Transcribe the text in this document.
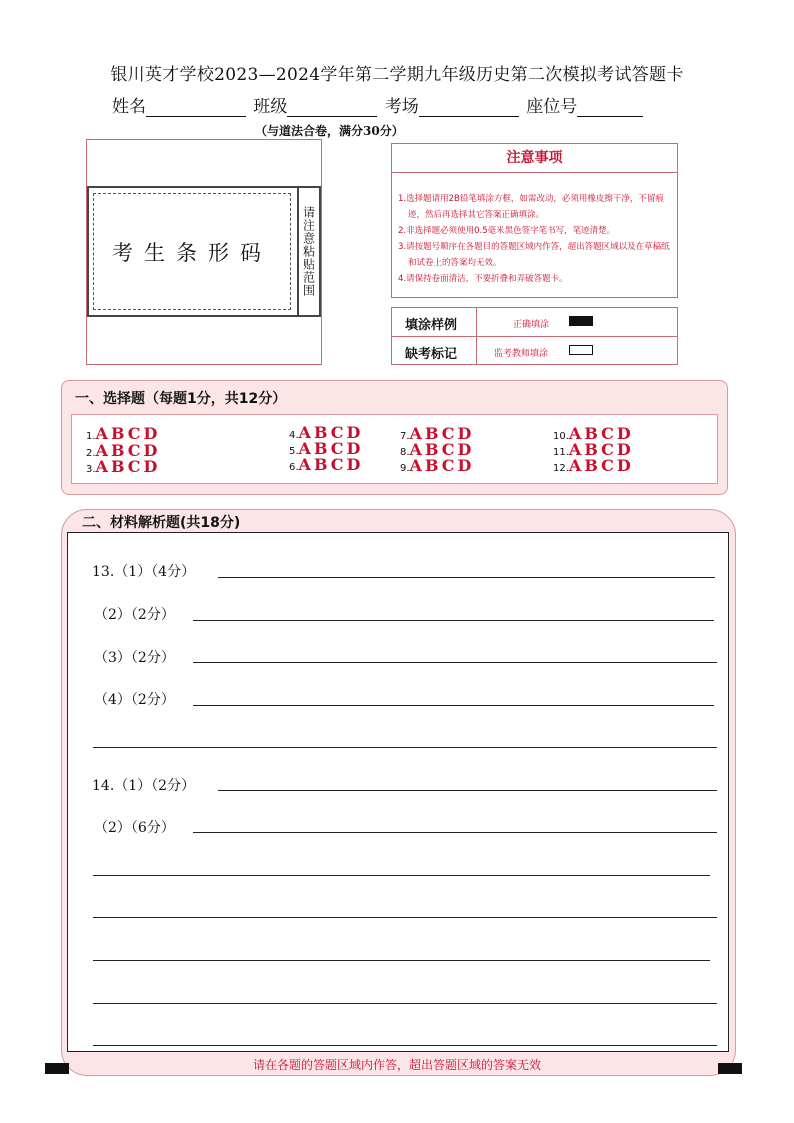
银川英才学校2023—2024学年第二学期九年级历史第二次模拟考试答题卡
姓名	班级	考场	座位号
（与道法合卷，满分30分）
考生条形码	请注意粘贴范围
注意事项
1.选择题请用2B铅笔填涂方框，如需改动，必须用橡皮擦干净，不留痕迹，然后再选择其它答案正确填涂。
2.非选择题必须使用0.5毫米黑色签字笔书写，笔迹清楚。
3.请按题号顺序在各题目的答题区域内作答，超出答题区域以及在草稿纸和试卷上的答案均无效。
4.请保持卷面清洁，不要折叠和弄破答题卡。
填涂样例	正确填涂
缺考标记	监考教师填涂
一、选择题（每题1分，共12分）
1.ABCD
2.ABCD
3.ABCD
4.ABCD
5.ABCD
6.ABCD
7.ABCD
8.ABCD
9.ABCD
10.ABCD
11.ABCD
12.ABCD
二、材料解析题(共18分)
13.（1）（4分）
（2）（2分）
（3）（2分）
（4）（2分）
14.（1）（2分）
（2）（6分）
请在各题的答题区域内作答，超出答题区域的答案无效
